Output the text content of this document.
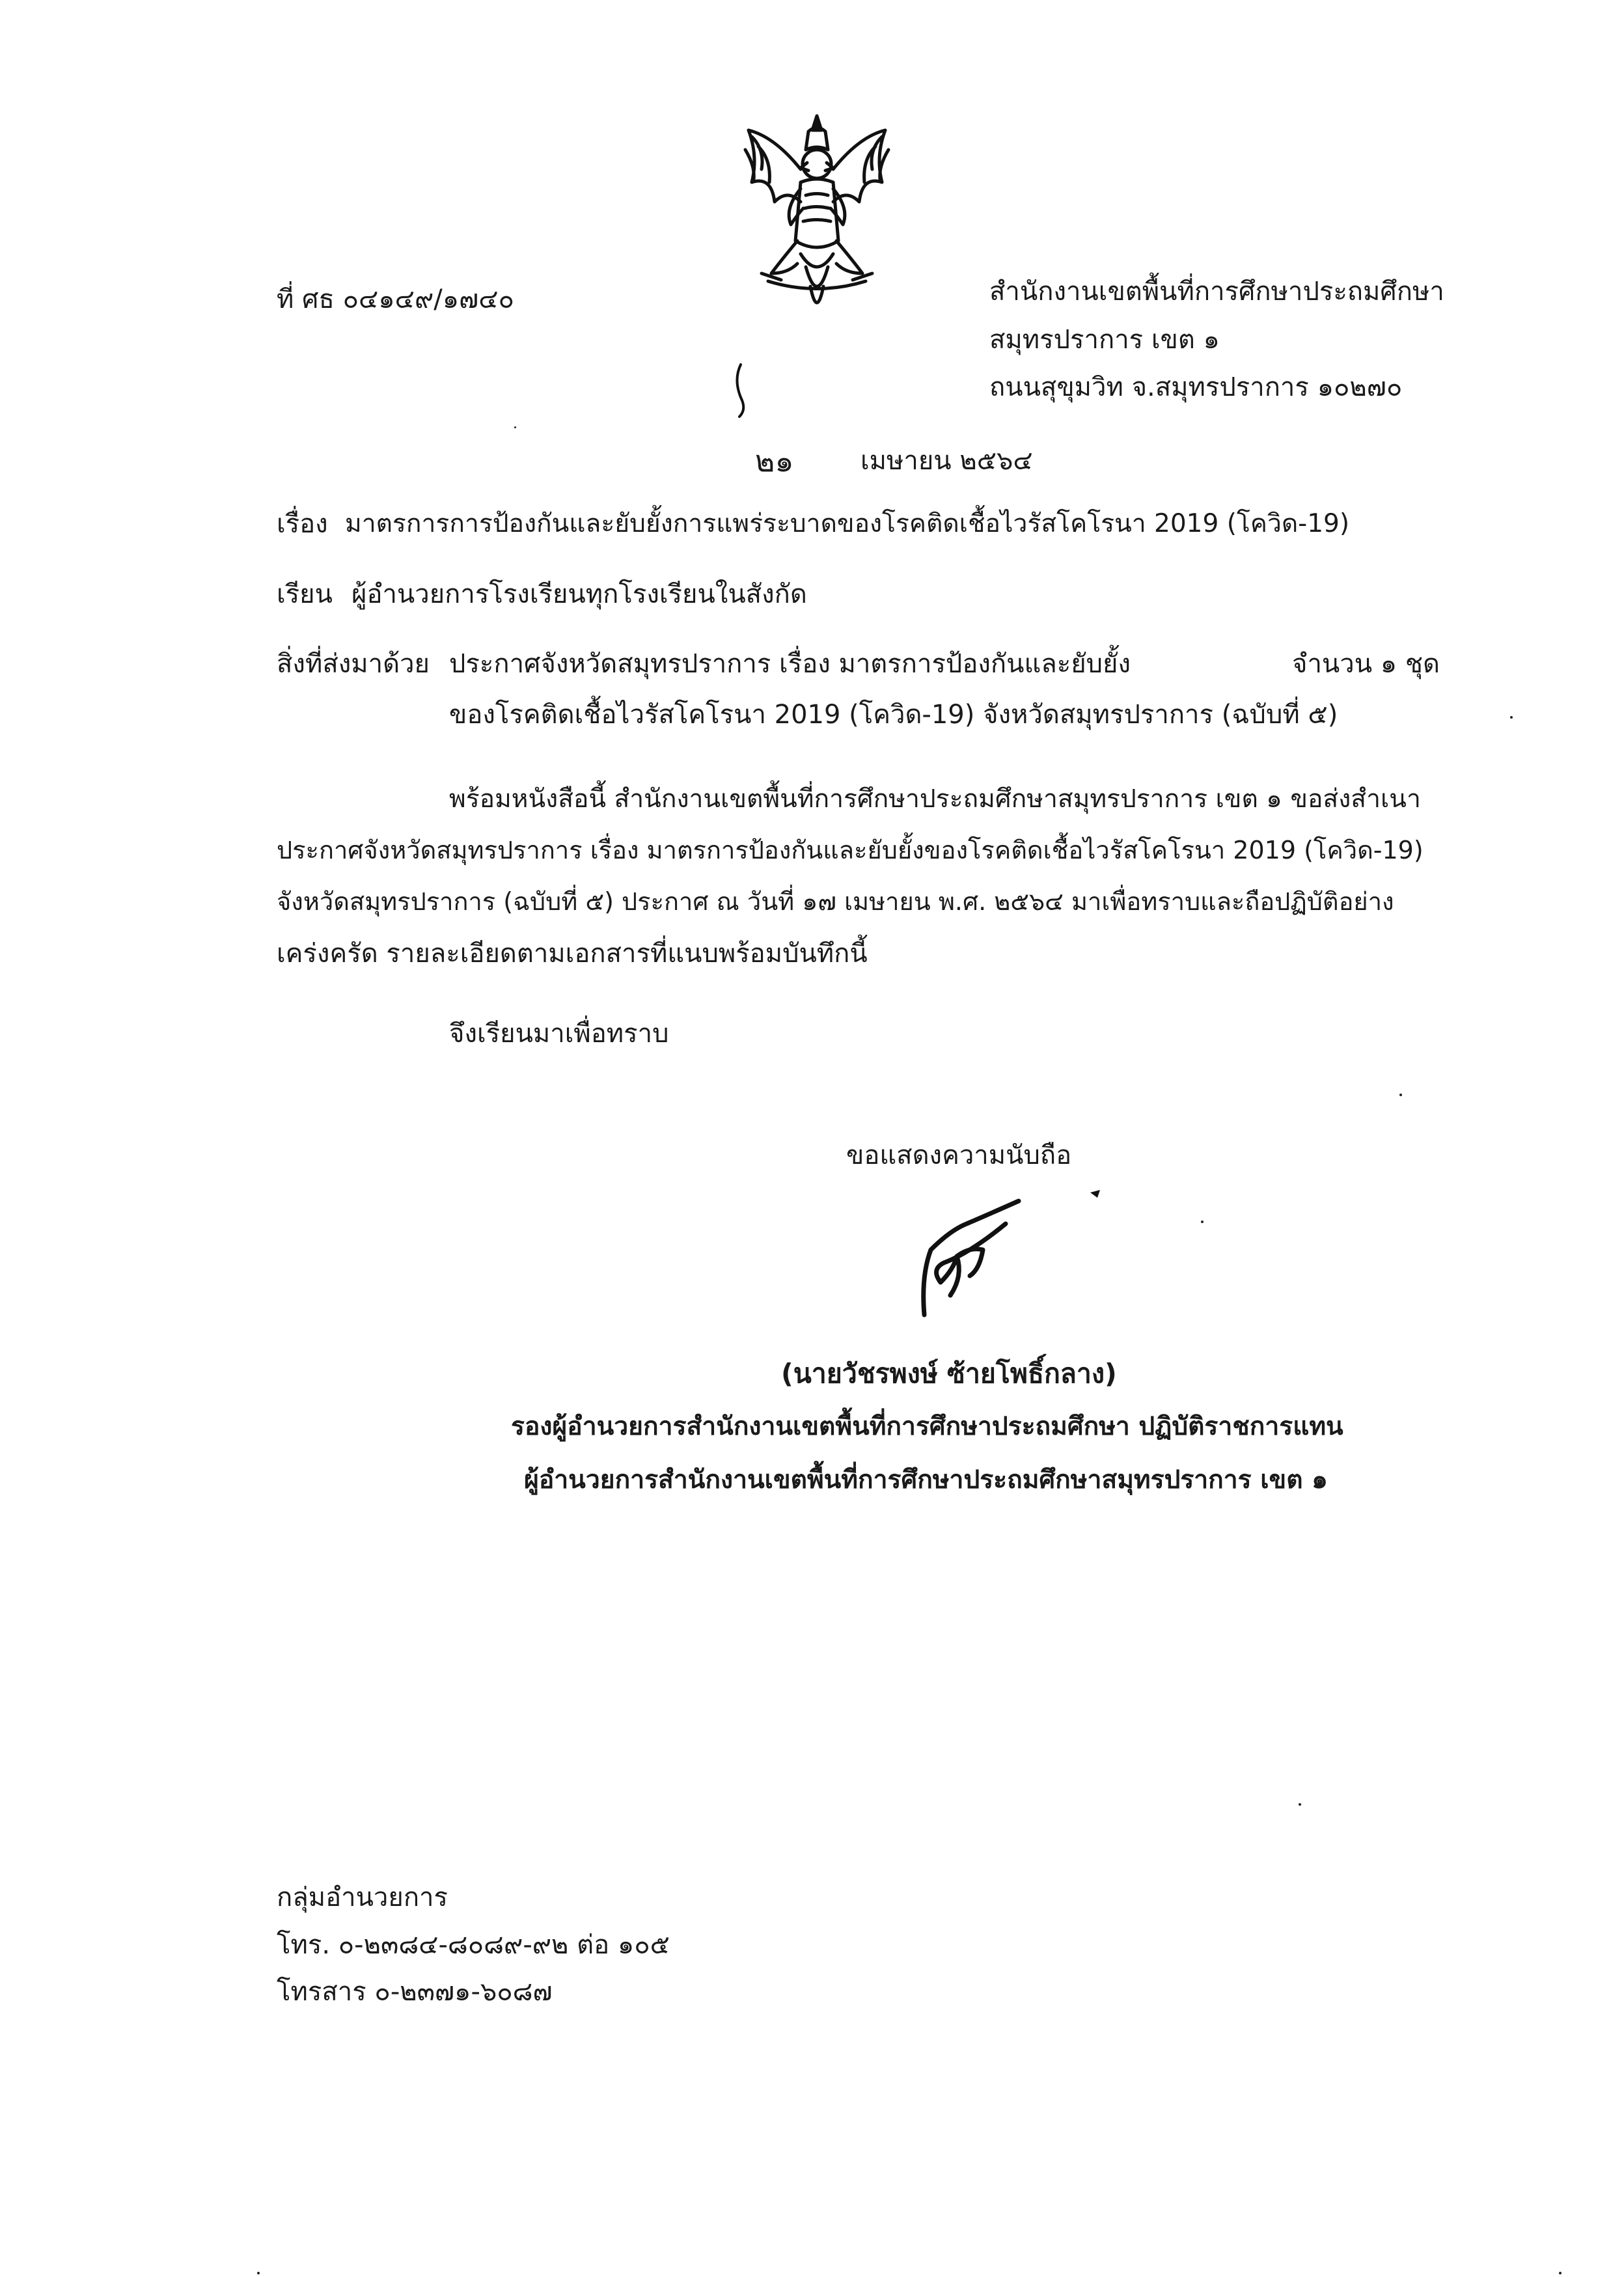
ที่ ศธ ๐๔๑๔๙/๑๗๔๐	สำนักงานเขตพื้นที่การศึกษาประถมศึกษา
สมุทรปราการ เขต ๑
ถนนสุขุมวิท จ.สมุทรปราการ ๑๐๒๗๐
๒๑	เมษายน ๒๕๖๔
เรื่อง มาตรการการป้องกันและยับยั้งการแพร่ระบาดของโรคติดเชื้อไวรัสโคโรนา 2019 (โควิด-19)
เรียน ผู้อำนวยการโรงเรียนทุกโรงเรียนในสังกัด
สิ่งที่ส่งมาด้วย ประกาศจังหวัดสมุทรปราการ เรื่อง มาตรการป้องกันและยับยั้ง	จำนวน ๑ ชุด
ของโรคติดเชื้อไวรัสโคโรนา 2019 (โควิด-19) จังหวัดสมุทรปราการ (ฉบับที่ ๕)
พร้อมหนังสือนี้ สำนักงานเขตพื้นที่การศึกษาประถมศึกษาสมุทรปราการ เขต ๑ ขอส่งสำเนา
ประกาศจังหวัดสมุทรปราการ เรื่อง มาตรการป้องกันและยับยั้งของโรคติดเชื้อไวรัสโคโรนา 2019 (โควิด-19)
จังหวัดสมุทรปราการ (ฉบับที่ ๕) ประกาศ ณ วันที่ ๑๗ เมษายน พ.ศ. ๒๕๖๔ มาเพื่อทราบและถือปฏิบัติอย่าง
เคร่งครัด รายละเอียดตามเอกสารที่แนบพร้อมบันทึกนี้
จึงเรียนมาเพื่อทราบ
ขอแสดงความนับถือ
(นายวัชรพงษ์ ซ้ายโพธิ์กลาง)
รองผู้อำนวยการสำนักงานเขตพื้นที่การศึกษาประถมศึกษา ปฏิบัติราชการแทน
ผู้อำนวยการสำนักงานเขตพื้นที่การศึกษาประถมศึกษาสมุทรปราการ เขต ๑
กลุ่มอำนวยการ
โทร. ๐-๒๓๘๔-๘๐๘๙-๙๒ ต่อ ๑๐๕
โทรสาร ๐-๒๓๗๑-๖๐๘๗
